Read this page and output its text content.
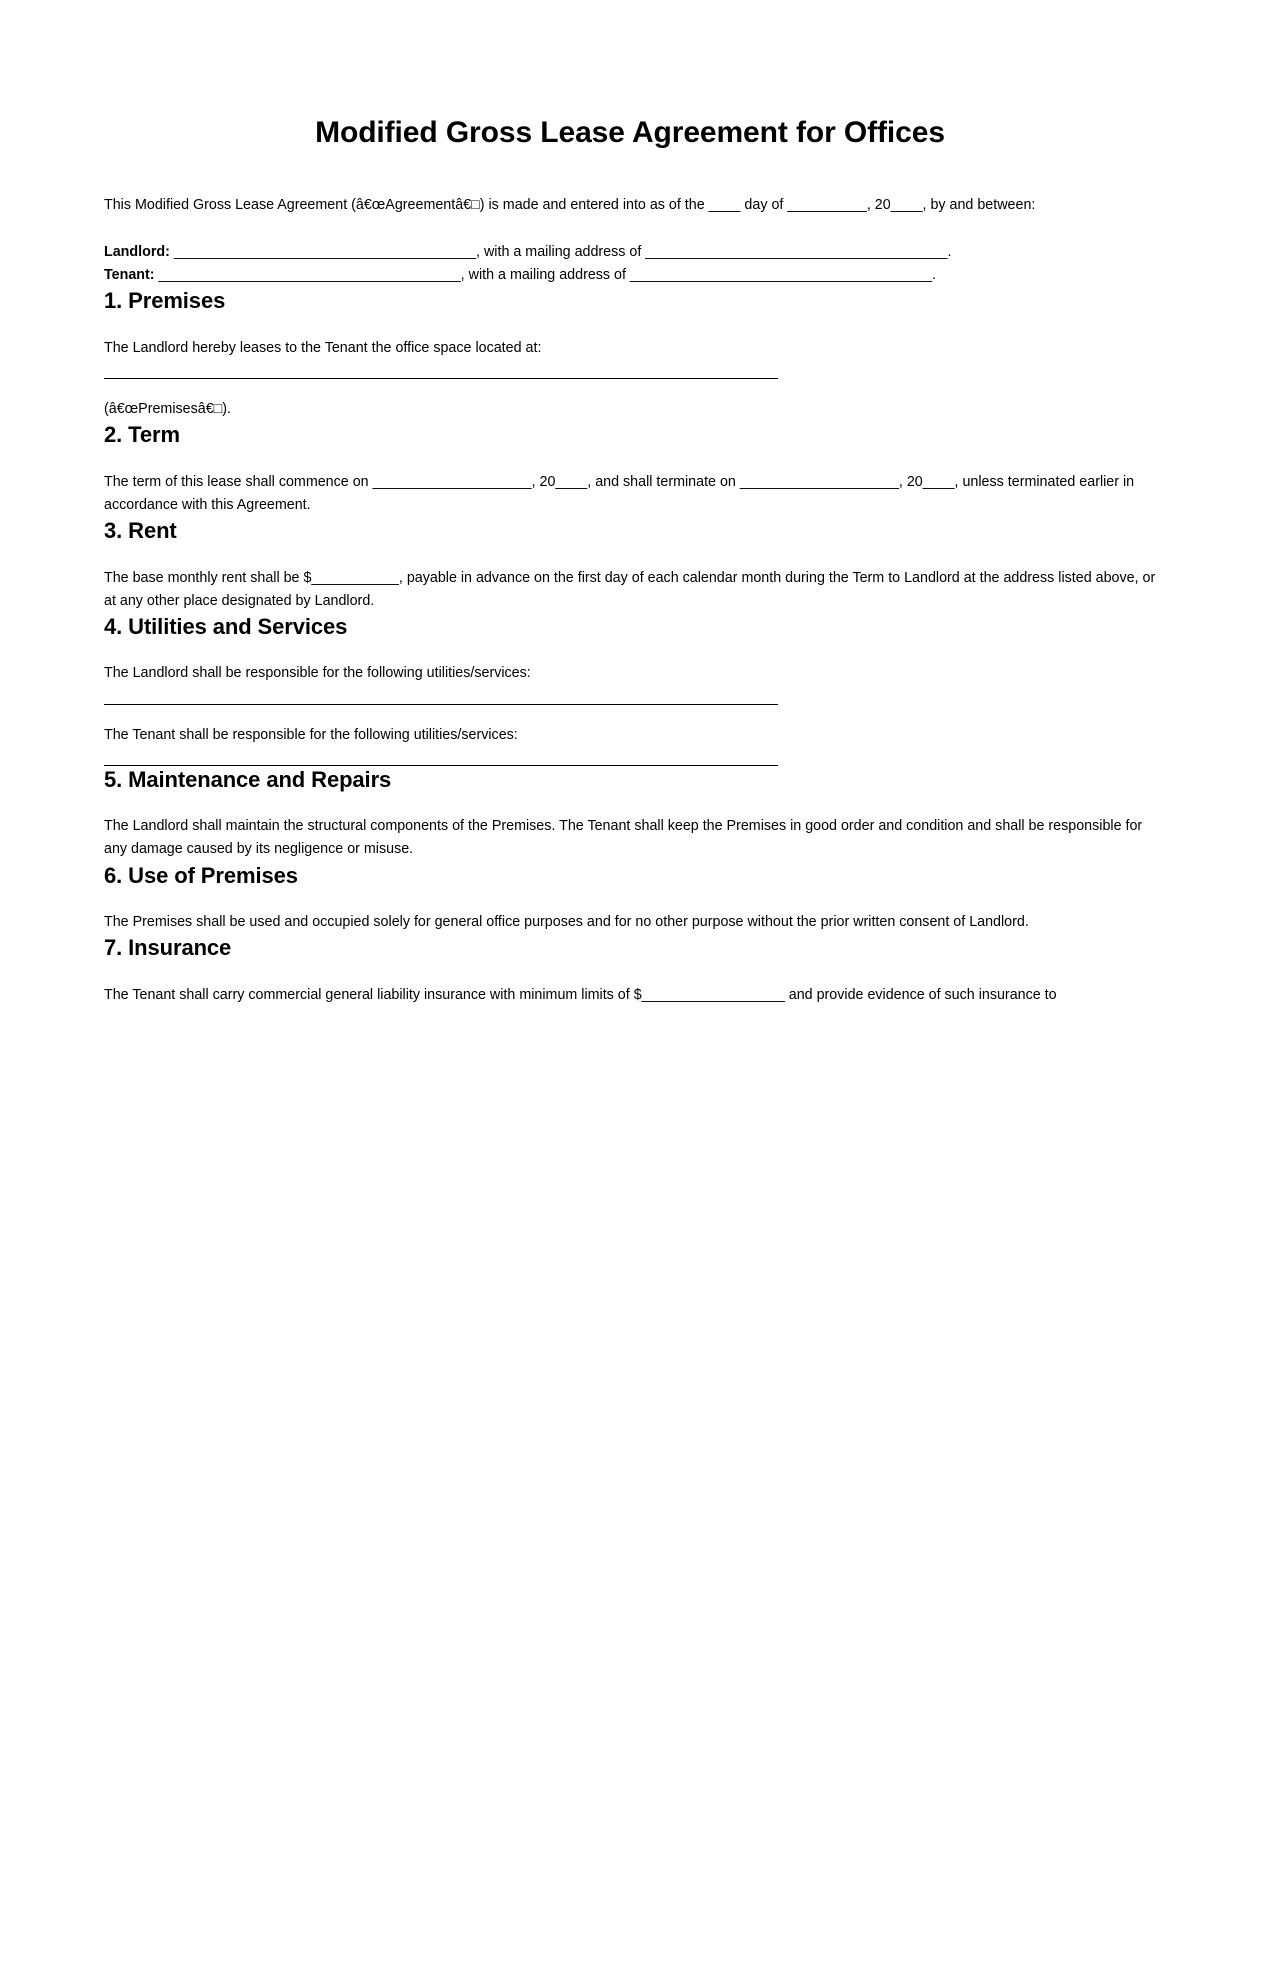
Modified Gross Lease Agreement for Offices

This Modified Gross Lease Agreement (â€œAgreementâ€□) is made and entered into as of the ____ day of __________, 20____, by and between:

Landlord: ______________________________________, with a mailing address of ______________________________________.

Tenant: ______________________________________, with a mailing address of ______________________________________.

1. Premises

The Landlord hereby leases to the Tenant the office space located at:

(â€œPremisesâ€□).

2. Term

The term of this lease shall commence on ____________________, 20____, and shall terminate on ____________________, 20____, unless terminated earlier in accordance with this Agreement.

3. Rent

The base monthly rent shall be $___________, payable in advance on the first day of each calendar month during the Term to Landlord at the address listed above, or at any other place designated by Landlord.

4. Utilities and Services

The Landlord shall be responsible for the following utilities/services:

The Tenant shall be responsible for the following utilities/services:

5. Maintenance and Repairs

The Landlord shall maintain the structural components of the Premises. The Tenant shall keep the Premises in good order and condition and shall be responsible for any damage caused by its negligence or misuse.

6. Use of Premises

The Premises shall be used and occupied solely for general office purposes and for no other purpose without the prior written consent of Landlord.

7. Insurance

The Tenant shall carry commercial general liability insurance with minimum limits of $__________________ and provide evidence of such insurance to
